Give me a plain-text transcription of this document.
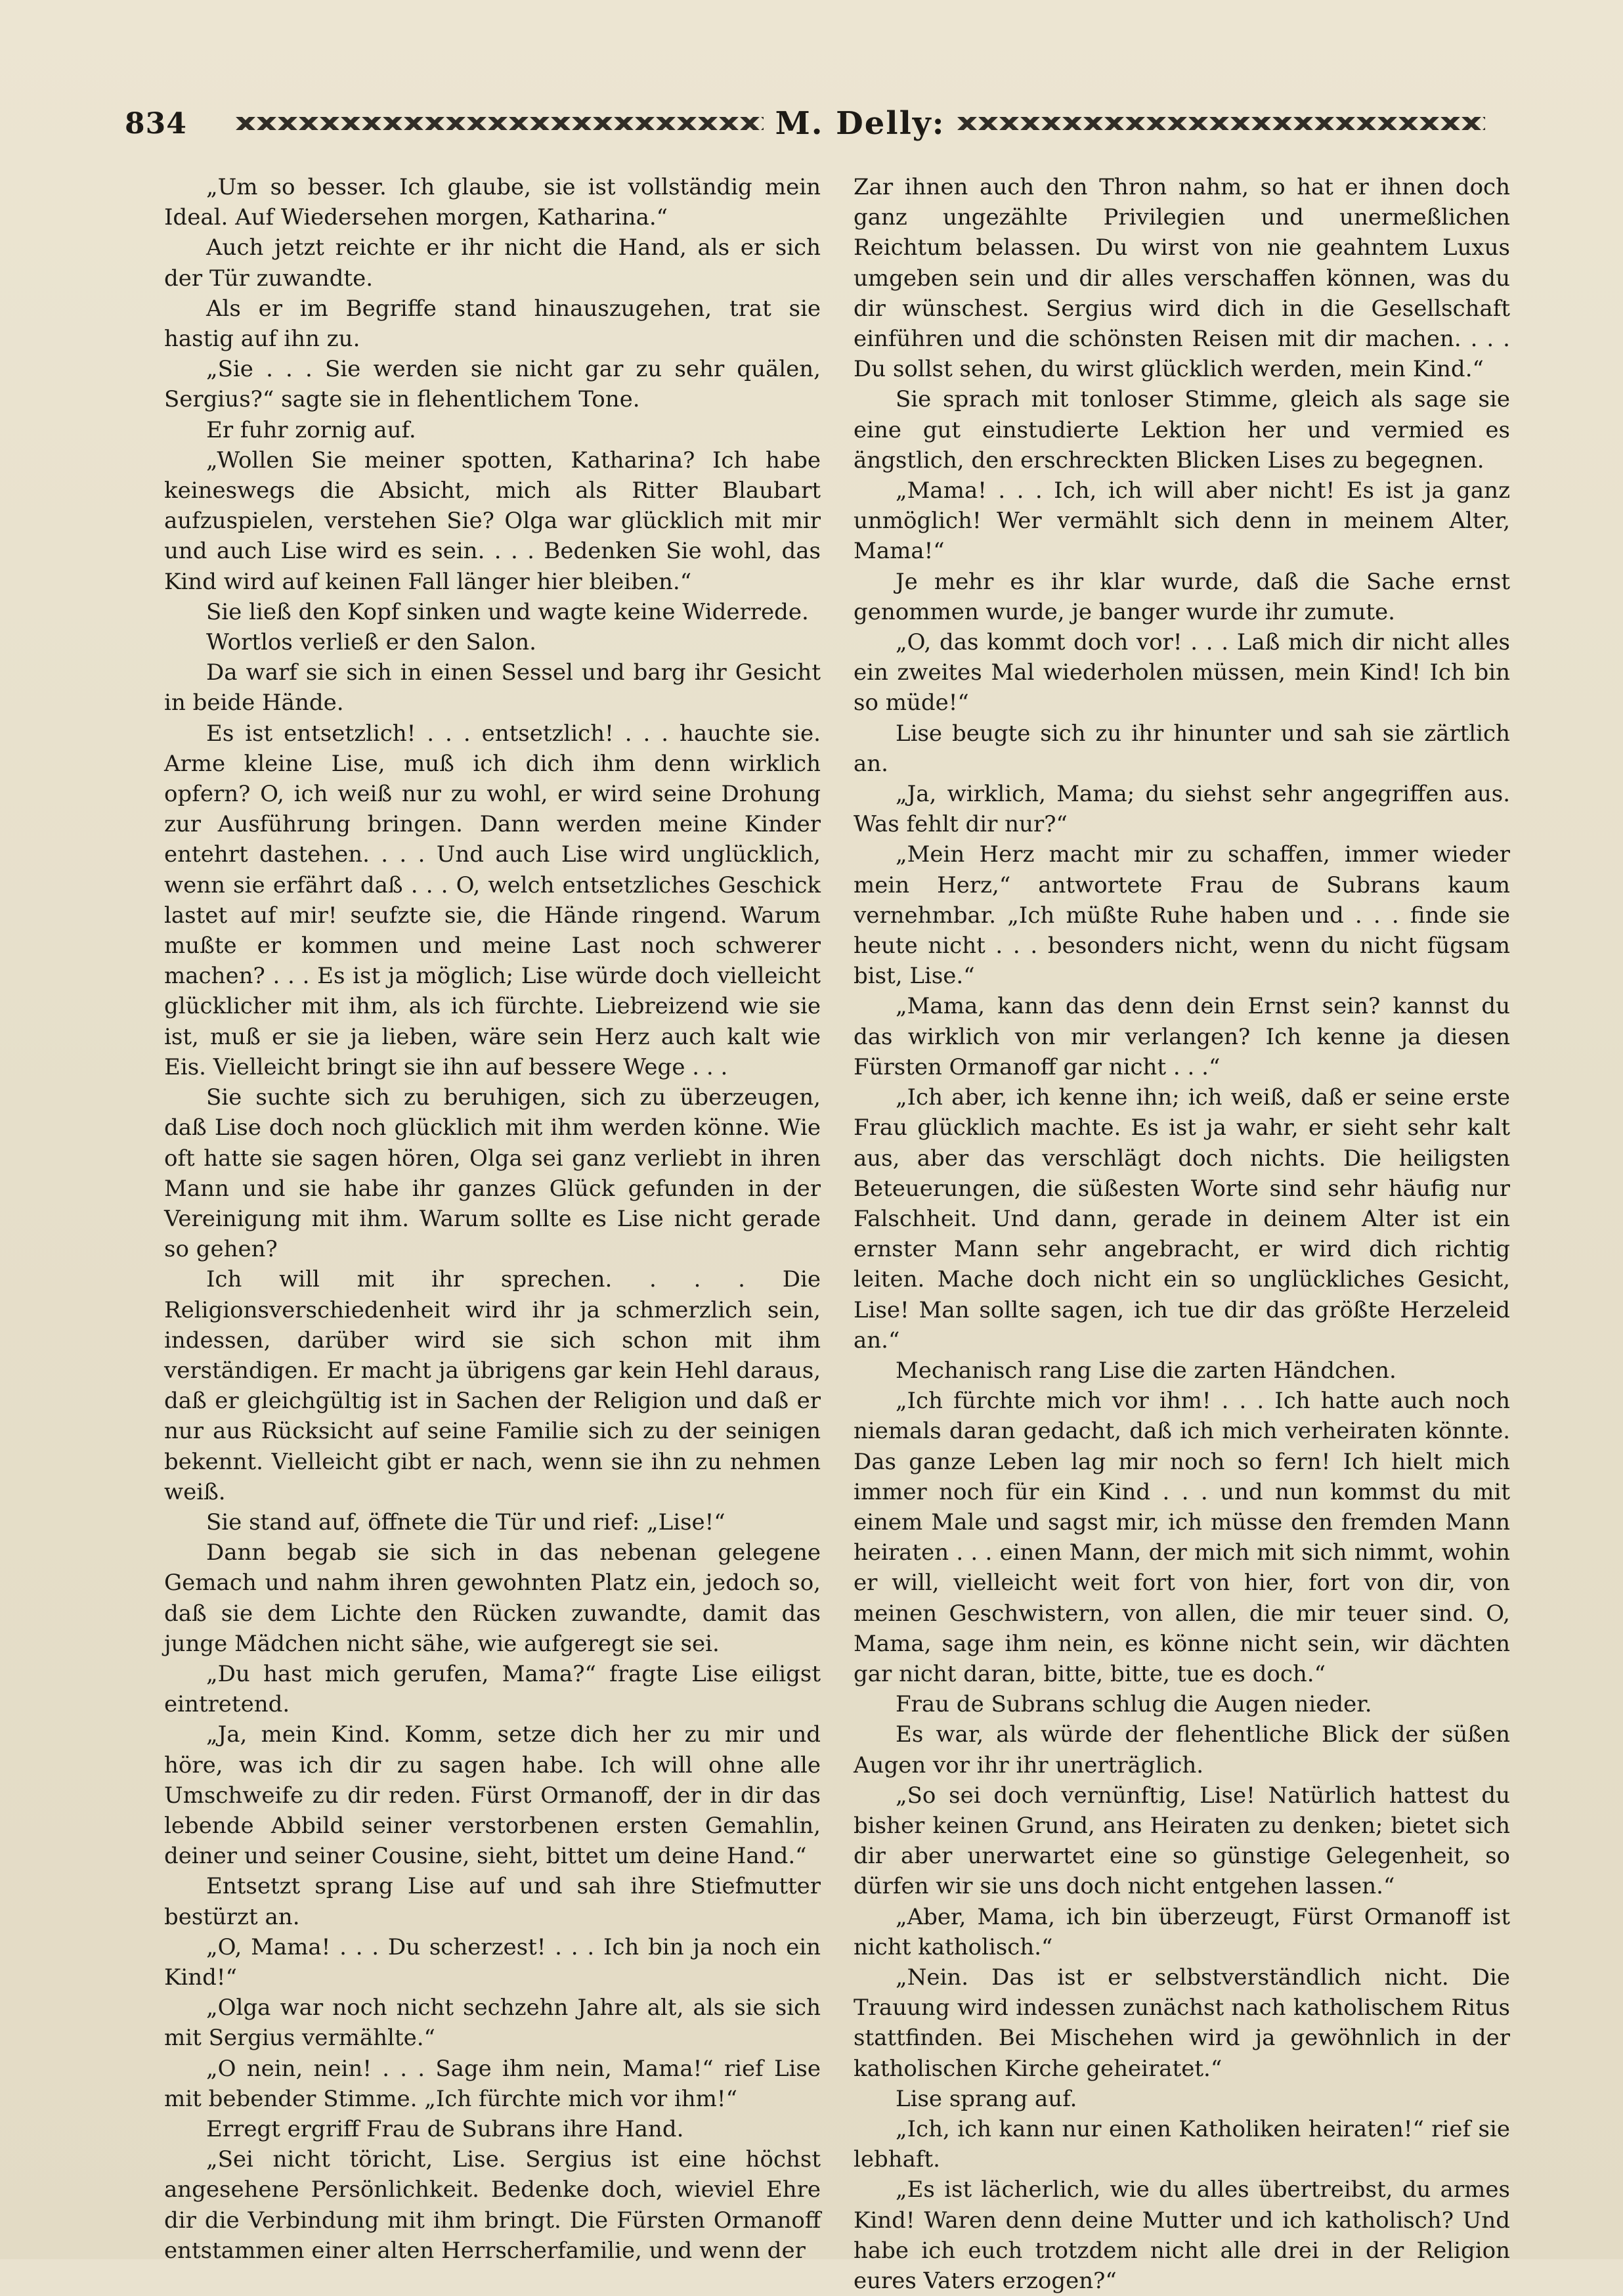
834	M. Delly:

„Um so besser. Ich glaube, sie ist vollständig mein Ideal. Auf Wiedersehen morgen, Katharina.“

Auch jetzt reichte er ihr nicht die Hand, als er sich der Tür zuwandte.

Als er im Begriffe stand hinauszugehen, trat sie hastig auf ihn zu.

„Sie . . . Sie werden sie nicht gar zu sehr quälen, Sergius?“ sagte sie in flehentlichem Tone.

Er fuhr zornig auf.

„Wollen Sie meiner spotten, Katharina? Ich habe keineswegs die Absicht, mich als Ritter Blaubart aufzuspielen, verstehen Sie? Olga war glücklich mit mir und auch Lise wird es sein. . . . Bedenken Sie wohl, das Kind wird auf keinen Fall länger hier bleiben.“

Sie ließ den Kopf sinken und wagte keine Widerrede.

Wortlos verließ er den Salon.

Da warf sie sich in einen Sessel und barg ihr Gesicht in beide Hände.

Es ist entsetzlich! . . . entsetzlich! . . . hauchte sie. Arme kleine Lise, muß ich dich ihm denn wirklich opfern? O, ich weiß nur zu wohl, er wird seine Drohung zur Ausführung bringen. Dann werden meine Kinder entehrt dastehen. . . . Und auch Lise wird unglücklich, wenn sie erfährt daß . . . O, welch entsetzliches Geschick lastet auf mir! seufzte sie, die Hände ringend. Warum mußte er kommen und meine Last noch schwerer machen? . . . Es ist ja möglich; Lise würde doch vielleicht glücklicher mit ihm, als ich fürchte. Liebreizend wie sie ist, muß er sie ja lieben, wäre sein Herz auch kalt wie Eis. Vielleicht bringt sie ihn auf bessere Wege . . .

Sie suchte sich zu beruhigen, sich zu überzeugen, daß Lise doch noch glücklich mit ihm werden könne. Wie oft hatte sie sagen hören, Olga sei ganz verliebt in ihren Mann und sie habe ihr ganzes Glück gefunden in der Vereinigung mit ihm. Warum sollte es Lise nicht gerade so gehen?

Ich will mit ihr sprechen. . . . Die Religionsverschiedenheit wird ihr ja schmerzlich sein, indessen, darüber wird sie sich schon mit ihm verständigen. Er macht ja übrigens gar kein Hehl daraus, daß er gleichgültig ist in Sachen der Religion und daß er nur aus Rücksicht auf seine Familie sich zu der seinigen bekennt. Vielleicht gibt er nach, wenn sie ihn zu nehmen weiß.

Sie stand auf, öffnete die Tür und rief: „Lise!“

Dann begab sie sich in das nebenan gelegene Gemach und nahm ihren gewohnten Platz ein, jedoch so, daß sie dem Lichte den Rücken zuwandte, damit das junge Mädchen nicht sähe, wie aufgeregt sie sei.

„Du hast mich gerufen, Mama?“ fragte Lise eiligst eintretend.

„Ja, mein Kind. Komm, setze dich her zu mir und höre, was ich dir zu sagen habe. Ich will ohne alle Umschweife zu dir reden. Fürst Ormanoff, der in dir das lebende Abbild seiner verstorbenen ersten Gemahlin, deiner und seiner Cousine, sieht, bittet um deine Hand.“

Entsetzt sprang Lise auf und sah ihre Stiefmutter bestürzt an.

„O, Mama! . . . Du scherzest! . . . Ich bin ja noch ein Kind!“

„Olga war noch nicht sechzehn Jahre alt, als sie sich mit Sergius vermählte.“

„O nein, nein! . . . Sage ihm nein, Mama!“ rief Lise mit bebender Stimme. „Ich fürchte mich vor ihm!“

Erregt ergriff Frau de Subrans ihre Hand.

„Sei nicht töricht, Lise. Sergius ist eine höchst angesehene Persönlichkeit. Bedenke doch, wieviel Ehre dir die Verbindung mit ihm bringt. Die Fürsten Ormanoff entstammen einer alten Herrscherfamilie, und wenn der

Zar ihnen auch den Thron nahm, so hat er ihnen doch ganz ungezählte Privilegien und unermeßlichen Reichtum belassen. Du wirst von nie geahntem Luxus umgeben sein und dir alles verschaffen können, was du dir wünschest. Sergius wird dich in die Gesellschaft einführen und die schönsten Reisen mit dir machen. . . . Du sollst sehen, du wirst glücklich werden, mein Kind.“

Sie sprach mit tonloser Stimme, gleich als sage sie eine gut einstudierte Lektion her und vermied es ängstlich, den erschreckten Blicken Lises zu begegnen.

„Mama! . . . Ich, ich will aber nicht! Es ist ja ganz unmöglich! Wer vermählt sich denn in meinem Alter, Mama!“

Je mehr es ihr klar wurde, daß die Sache ernst genommen wurde, je banger wurde ihr zumute.

„O, das kommt doch vor! . . . Laß mich dir nicht alles ein zweites Mal wiederholen müssen, mein Kind! Ich bin so müde!“

Lise beugte sich zu ihr hinunter und sah sie zärtlich an.

„Ja, wirklich, Mama; du siehst sehr angegriffen aus. Was fehlt dir nur?“

„Mein Herz macht mir zu schaffen, immer wieder mein Herz,“ antwortete Frau de Subrans kaum vernehmbar. „Ich müßte Ruhe haben und . . . finde sie heute nicht . . . besonders nicht, wenn du nicht fügsam bist, Lise.“

„Mama, kann das denn dein Ernst sein? kannst du das wirklich von mir verlangen? Ich kenne ja diesen Fürsten Ormanoff gar nicht . . .“

„Ich aber, ich kenne ihn; ich weiß, daß er seine erste Frau glücklich machte. Es ist ja wahr, er sieht sehr kalt aus, aber das verschlägt doch nichts. Die heiligsten Beteuerungen, die süßesten Worte sind sehr häufig nur Falschheit. Und dann, gerade in deinem Alter ist ein ernster Mann sehr angebracht, er wird dich richtig leiten. Mache doch nicht ein so unglückliches Gesicht, Lise! Man sollte sagen, ich tue dir das größte Herzeleid an.“

Mechanisch rang Lise die zarten Händchen.

„Ich fürchte mich vor ihm! . . . Ich hatte auch noch niemals daran gedacht, daß ich mich verheiraten könnte. Das ganze Leben lag mir noch so fern! Ich hielt mich immer noch für ein Kind . . . und nun kommst du mit einem Male und sagst mir, ich müsse den fremden Mann heiraten . . . einen Mann, der mich mit sich nimmt, wohin er will, vielleicht weit fort von hier, fort von dir, von meinen Geschwistern, von allen, die mir teuer sind. O, Mama, sage ihm nein, es könne nicht sein, wir dächten gar nicht daran, bitte, bitte, tue es doch.“

Frau de Subrans schlug die Augen nieder.

Es war, als würde der flehentliche Blick der süßen Augen vor ihr ihr unerträglich.

„So sei doch vernünftig, Lise! Natürlich hattest du bisher keinen Grund, ans Heiraten zu denken; bietet sich dir aber unerwartet eine so günstige Gelegenheit, so dürfen wir sie uns doch nicht entgehen lassen.“

„Aber, Mama, ich bin überzeugt, Fürst Ormanoff ist nicht katholisch.“

„Nein. Das ist er selbstverständlich nicht. Die Trauung wird indessen zunächst nach katholischem Ritus stattfinden. Bei Mischehen wird ja gewöhnlich in der katholischen Kirche geheiratet.“

Lise sprang auf.

„Ich, ich kann nur einen Katholiken heiraten!“ rief sie lebhaft.

„Es ist lächerlich, wie du alles übertreibst, du armes Kind! Waren denn deine Mutter und ich katholisch? Und habe ich euch trotzdem nicht alle drei in der Religion eures Vaters erzogen?“
